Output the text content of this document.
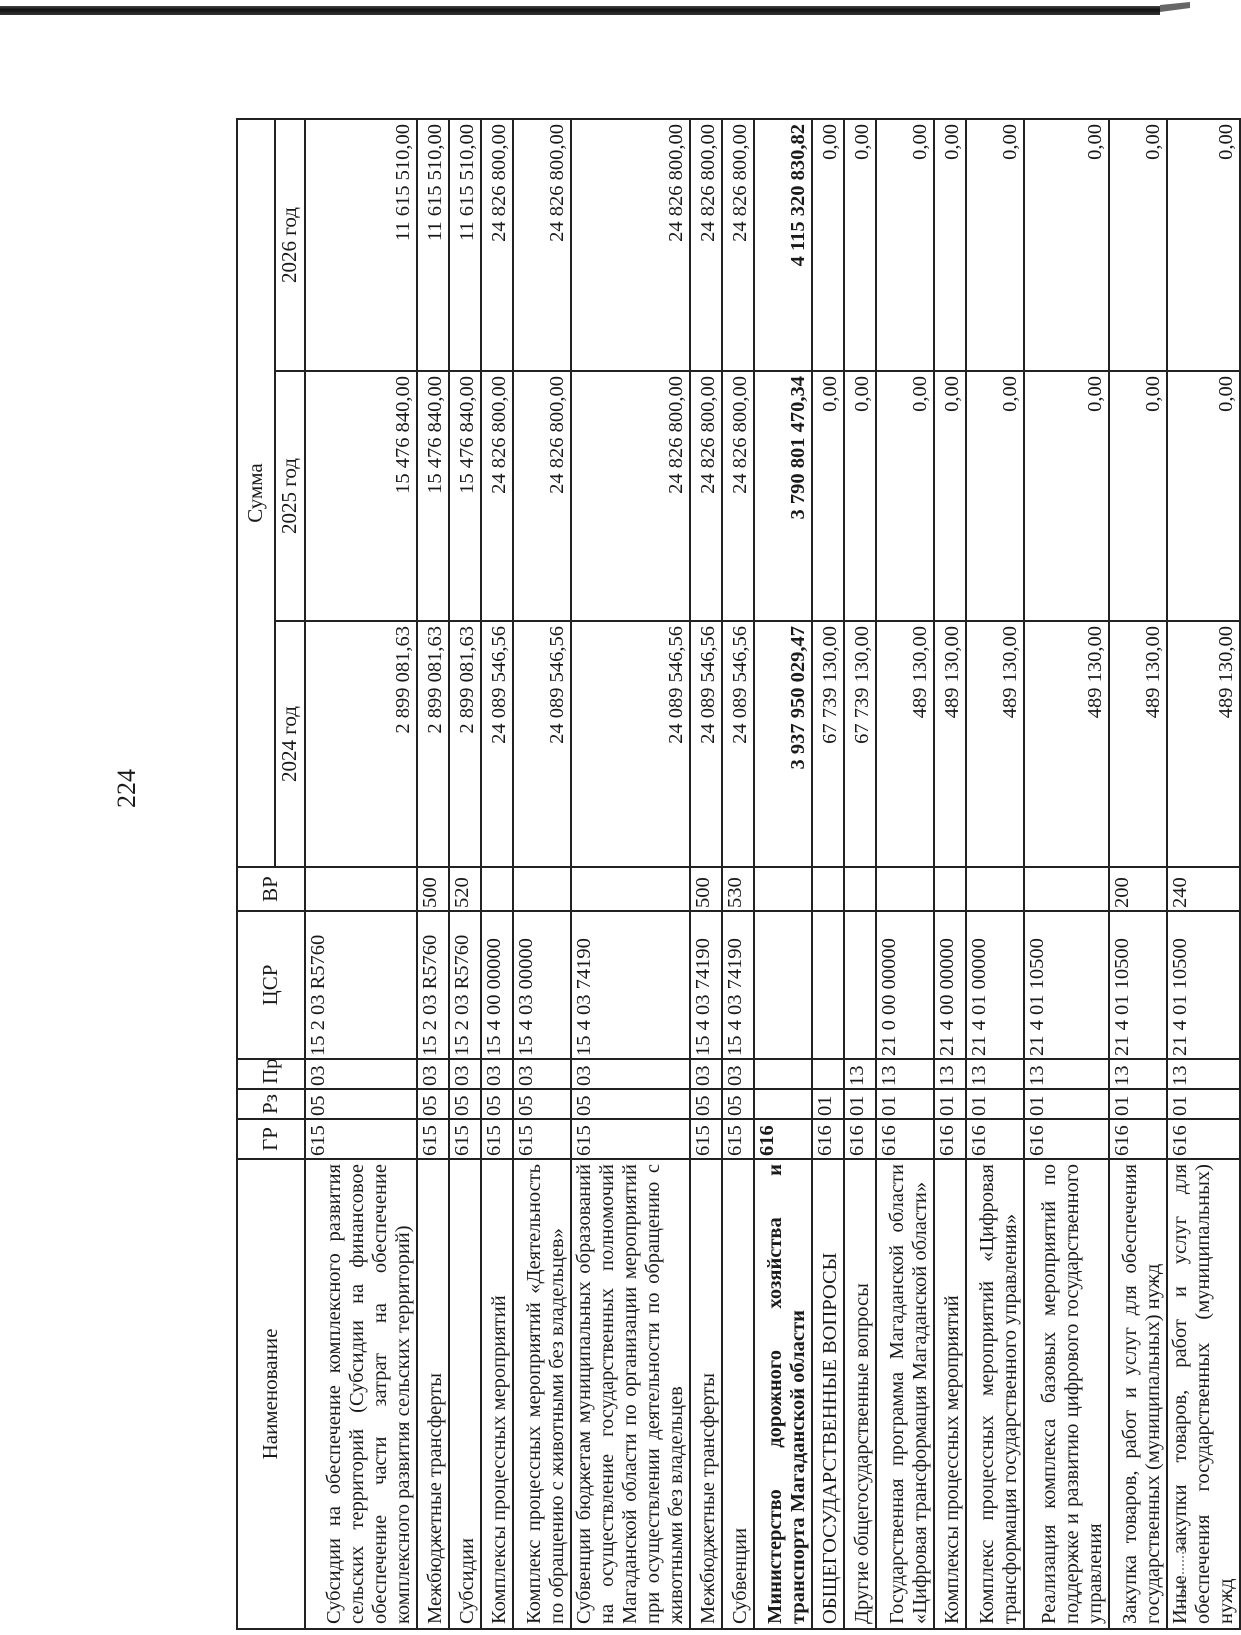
224
Наименование	ГР	Рз	Пр	ЦСР	ВР	Сумма		
						2024 год	2025 год	2026 год
Субсидии на обеспечение комплексного развития сельских территорий (Субсидии на финансовое обеспечение части затрат на обеспечение комплексного развития сельских территорий)	615	05	03	15 2 03 R5760		2 899 081,63	15 476 840,00	11 615 510,00
Межбюджетные трансферты	615	05	03	15 2 03 R5760	500	2 899 081,63	15 476 840,00	11 615 510,00
Субсидии	615	05	03	15 2 03 R5760	520	2 899 081,63	15 476 840,00	11 615 510,00
Комплексы процессных мероприятий	615	05	03	15 4 00 00000		24 089 546,56	24 826 800,00	24 826 800,00
Комплекс процессных мероприятий «Деятельность по обращению с животными без владельцев»	615	05	03	15 4 03 00000		24 089 546,56	24 826 800,00	24 826 800,00
Субвенции бюджетам муниципальных образований на осуществление государственных полномочий Магаданской области по организации мероприятий при осуществлении деятельности по обращению с животными без владельцев	615	05	03	15 4 03 74190		24 089 546,56	24 826 800,00	24 826 800,00
Межбюджетные трансферты	615	05	03	15 4 03 74190	500	24 089 546,56	24 826 800,00	24 826 800,00
Субвенции	615	05	03	15 4 03 74190	530	24 089 546,56	24 826 800,00	24 826 800,00
Министерство дорожного хозяйства и транспорта Магаданской области	616					3 937 950 029,47	3 790 801 470,34	4 115 320 830,82
ОБЩЕГОСУДАРСТВЕННЫЕ ВОПРОСЫ	616	01				67 739 130,00	0,00	0,00
Другие общегосударственные вопросы	616	01	13			67 739 130,00	0,00	0,00
Государственная программа Магаданской области «Цифровая трансформация Магаданской области»	616	01	13	21 0 00 00000		489 130,00	0,00	0,00
Комплексы процессных мероприятий	616	01	13	21 4 00 00000		489 130,00	0,00	0,00
Комплекс процессных мероприятий «Цифровая трансформация государственного управления»	616	01	13	21 4 01 00000		489 130,00	0,00	0,00
Реализация комплекса базовых мероприятий по поддержке и развитию цифрового государственного управления	616	01	13	21 4 01 10500		489 130,00	0,00	0,00
Закупка товаров, работ и услуг для обеспечения государственных (муниципальных) нужд	616	01	13	21 4 01 10500	200	489 130,00	0,00	0,00
Иные закупки товаров, работ и услуг для обеспечения государственных (муниципальных) нужд	616	01	13	21 4 01 10500	240	489 130,00	0,00	0,00
